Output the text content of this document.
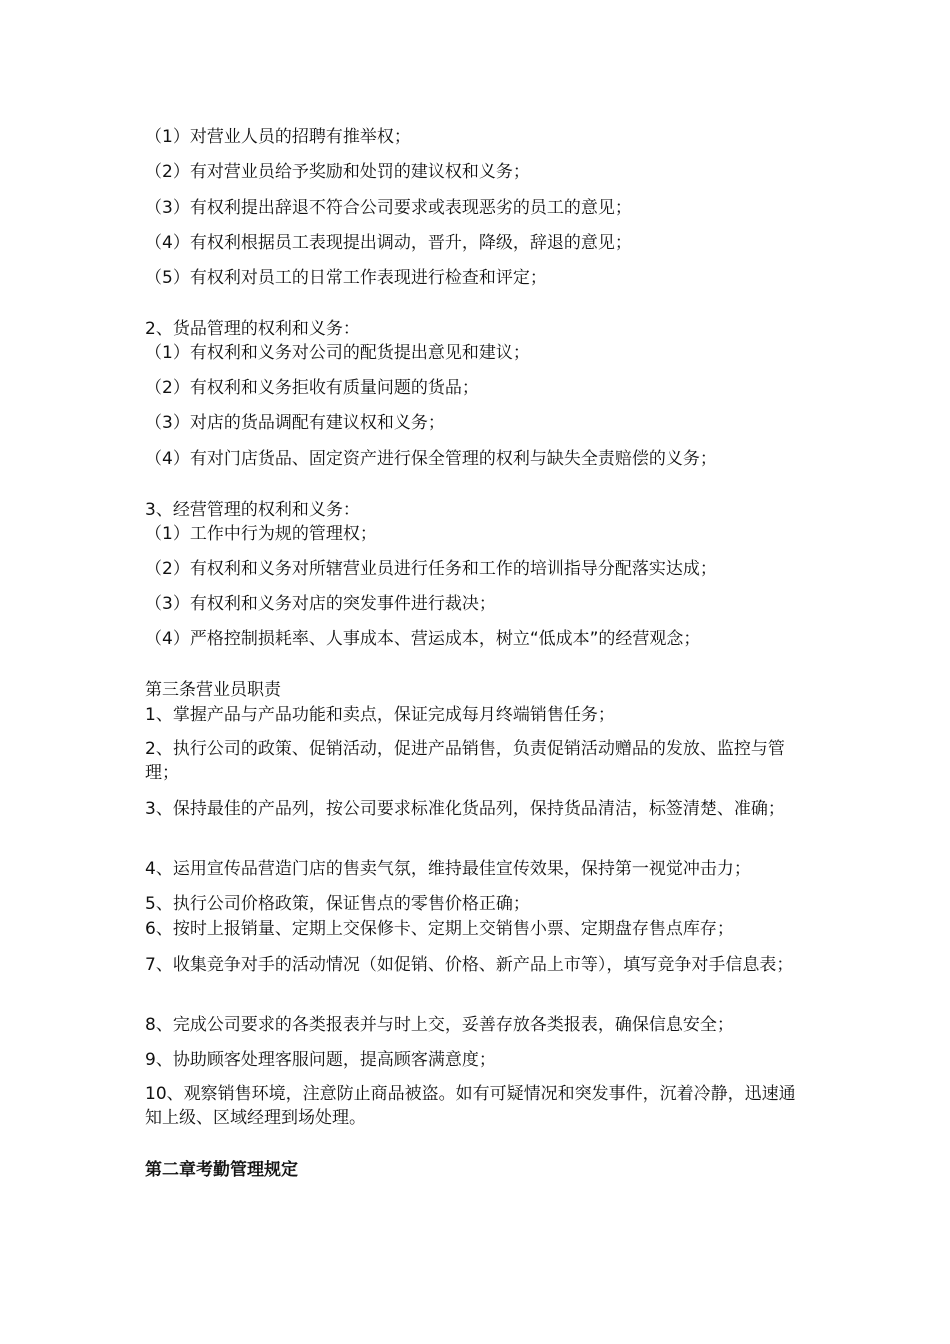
（1）对营业人员的招聘有推举权；
（2）有对营业员给予奖励和处罚的建议权和义务；
（3）有权利提出辞退不符合公司要求或表现恶劣的员工的意见；
（4）有权利根据员工表现提出调动，晋升，降级，辞退的意见；
（5）有权利对员工的日常工作表现进行检查和评定；
2、货品管理的权利和义务：
（1）有权利和义务对公司的配货提出意见和建议；
（2）有权利和义务拒收有质量问题的货品；
（3）对店的货品调配有建议权和义务；
（4）有对门店货品、固定资产进行保全管理的权利与缺失全责赔偿的义务；
3、经营管理的权利和义务：
（1）工作中行为规的管理权；
（2）有权利和义务对所辖营业员进行任务和工作的培训指导分配落实达成；
（3）有权利和义务对店的突发事件进行裁决；
（4）严格控制损耗率、人事成本、营运成本，树立“低成本”的经营观念；
第三条营业员职责
1、掌握产品与产品功能和卖点，保证完成每月终端销售任务；
2、执行公司的政策、促销活动，促进产品销售，负责促销活动赠品的发放、监控与管理；
3、保持最佳的产品列，按公司要求标准化货品列，保持货品清洁，标签清楚、准确；
4、运用宣传品营造门店的售卖气氛，维持最佳宣传效果，保持第一视觉冲击力；
5、执行公司价格政策，保证售点的零售价格正确；
6、按时上报销量、定期上交保修卡、定期上交销售小票、定期盘存售点库存；
7、收集竞争对手的活动情况（如促销、价格、新产品上市等），填写竞争对手信息表；
8、完成公司要求的各类报表并与时上交，妥善存放各类报表，确保信息安全；
9、协助顾客处理客服问题，提高顾客满意度；
10、观察销售环境，注意防止商品被盗。如有可疑情况和突发事件，沉着冷静，迅速通知上级、区域经理到场处理。
第二章考勤管理规定
